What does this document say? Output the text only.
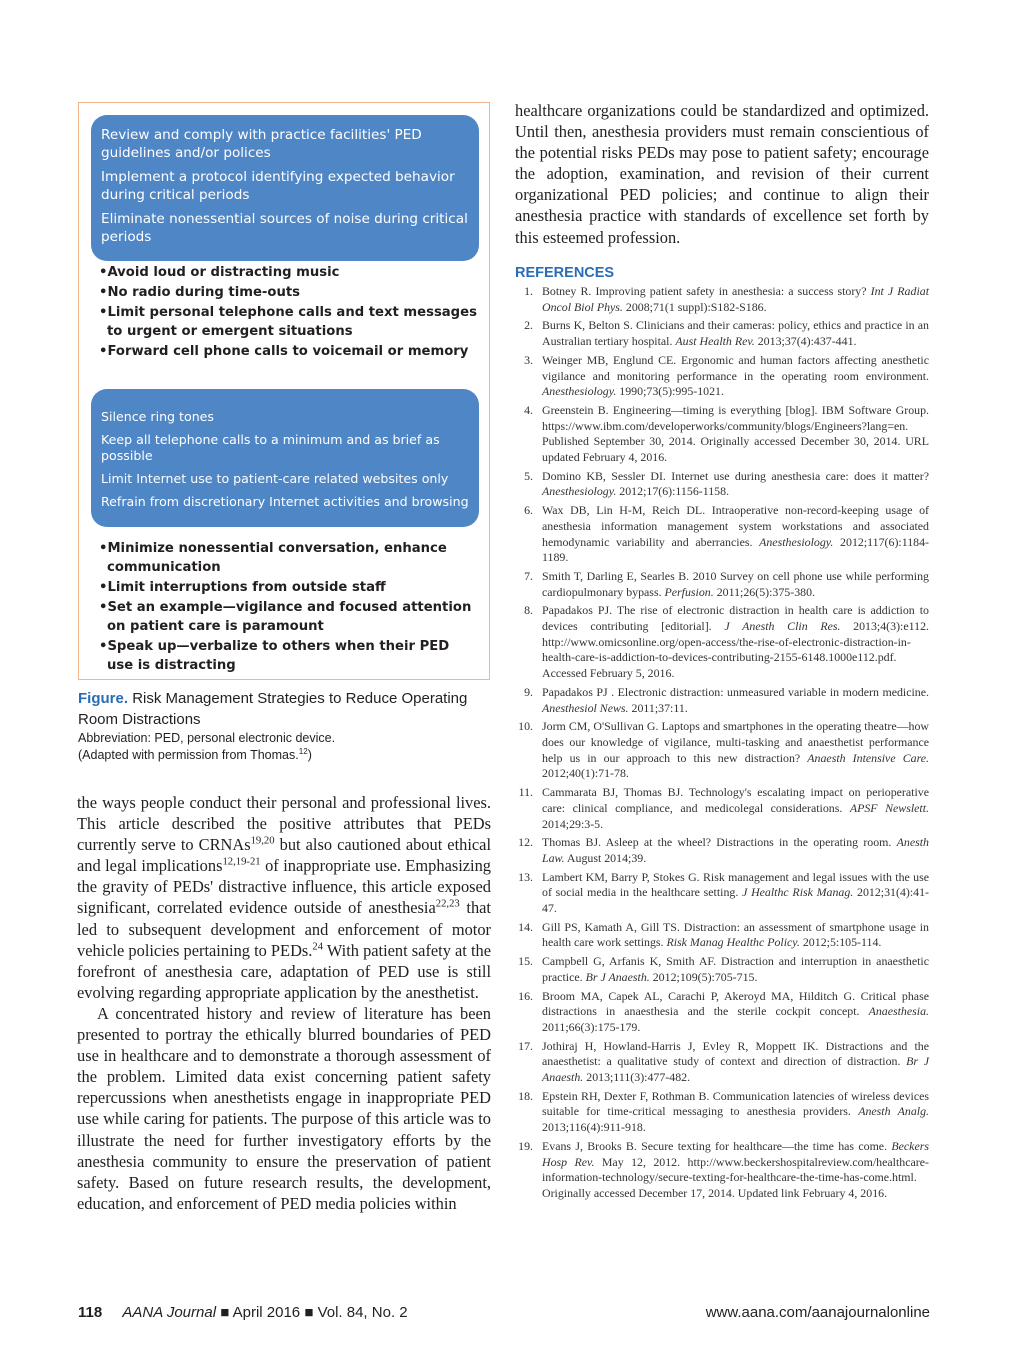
Review and comply with practice facilities' PED guidelines and/or polices
Implement a protocol identifying expected behavior during critical periods
Eliminate nonessential sources of noise during critical periods
•Avoid loud or distracting music
•No radio during time-outs
•Limit personal telephone calls and text messages to urgent or emergent situations
•Forward cell phone calls to voicemail or memory
Silence ring tones
Keep all telephone calls to a minimum and as brief as possible
Limit Internet use to patient-care related websites only
Refrain from discretionary Internet activities and browsing
•Minimize nonessential conversation, enhance communication
•Limit interruptions from outside staff
•Set an example—vigilance and focused attention on patient care is paramount
•Speak up—verbalize to others when their PED use is distracting
Figure. Risk Management Strategies to Reduce Operating Room Distractions
Abbreviation: PED, personal electronic device.
(Adapted with permission from Thomas.$^{12}$)

the ways people conduct their personal and professional lives. This article described the positive attributes that PEDs currently serve to CRNAs$^{19,20}$ but also cautioned about ethical and legal implications$^{12,19-21}$ of inappropriate use. Emphasizing the gravity of PEDs' distractive influence, this article exposed significant, correlated evidence outside of anesthesia$^{22,23}$ that led to subsequent development and enforcement of motor vehicle policies pertaining to PEDs.$^{24}$ With patient safety at the forefront of anesthesia care, adaptation of PED use is still evolving regarding appropriate application by the anesthetist.

A concentrated history and review of literature has been presented to portray the ethically blurred boundaries of PED use in healthcare and to demonstrate a thorough assessment of the problem. Limited data exist concerning patient safety repercussions when anesthetists engage in inappropriate PED use while caring for patients. The purpose of this article was to illustrate the need for further investigatory efforts by the anesthesia community to ensure the preservation of patient safety. Based on future research results, the development, education, and enforcement of PED media policies within

healthcare organizations could be standardized and optimized. Until then, anesthesia providers must remain conscientious of the potential risks PEDs may pose to patient safety; encourage the adoption, examination, and revision of their current organizational PED policies; and continue to align their anesthesia practice with standards of excellence set forth by this esteemed profession.

REFERENCES
1. Botney R. Improving patient safety in anesthesia: a success story? Int J Radiat Oncol Biol Phys. 2008;71(1 suppl):S182-S186.
2. Burns K, Belton S. Clinicians and their cameras: policy, ethics and practice in an Australian tertiary hospital. Aust Health Rev. 2013;37(4):437-441.
3. Weinger MB, Englund CE. Ergonomic and human factors affecting anesthetic vigilance and monitoring performance in the operating room environment. Anesthesiology. 1990;73(5):995-1021.
4. Greenstein B. Engineering—timing is everything [blog]. IBM Software Group. https://www.ibm.com/developerworks/community/blogs/Engineers?lang=en. Published September 30, 2014. Originally accessed December 30, 2014. URL updated February 4, 2016.
5. Domino KB, Sessler DI. Internet use during anesthesia care: does it matter? Anesthesiology. 2012;17(6):1156-1158.
6. Wax DB, Lin H-M, Reich DL. Intraoperative non-record-keeping usage of anesthesia information management system workstations and associated hemodynamic variability and aberrancies. Anesthesiology. 2012;117(6):1184-1189.
7. Smith T, Darling E, Searles B. 2010 Survey on cell phone use while performing cardiopulmonary bypass. Perfusion. 2011;26(5):375-380.
8. Papadakos PJ. The rise of electronic distraction in health care is addiction to devices contributing [editorial]. J Anesth Clin Res. 2013;4(3):e112. http://www.omicsonline.org/open-access/the-rise-of-electronic-distraction-in-health-care-is-addiction-to-devices-contributing-2155-6148.1000e112.pdf. Accessed February 5, 2016.
9. Papadakos PJ . Electronic distraction: unmeasured variable in modern medicine. Anesthesiol News. 2011;37:11.
10. Jorm CM, O'Sullivan G. Laptops and smartphones in the operating theatre—how does our knowledge of vigilance, multi-tasking and anaesthetist performance help us in our approach to this new distraction? Anaesth Intensive Care. 2012;40(1):71-78.
11. Cammarata BJ, Thomas BJ. Technology's escalating impact on perioperative care: clinical compliance, and medicolegal considerations. APSF Newslett. 2014;29:3-5.
12. Thomas BJ. Asleep at the wheel? Distractions in the operating room. Anesth Law. August 2014;39.
13. Lambert KM, Barry P, Stokes G. Risk management and legal issues with the use of social media in the healthcare setting. J Healthc Risk Manag. 2012;31(4):41-47.
14. Gill PS, Kamath A, Gill TS. Distraction: an assessment of smartphone usage in health care work settings. Risk Manag Healthc Policy. 2012;5:105-114.
15. Campbell G, Arfanis K, Smith AF. Distraction and interruption in anaesthetic practice. Br J Anaesth. 2012;109(5):705-715.
16. Broom MA, Capek AL, Carachi P, Akeroyd MA, Hilditch G. Critical phase distractions in anaesthesia and the sterile cockpit concept. Anaesthesia. 2011;66(3):175-179.
17. Jothiraj H, Howland-Harris J, Evley R, Moppett IK. Distractions and the anaesthetist: a qualitative study of context and direction of distraction. Br J Anaesth. 2013;111(3):477-482.
18. Epstein RH, Dexter F, Rothman B. Communication latencies of wireless devices suitable for time-critical messaging to anesthesia providers. Anesth Analg. 2013;116(4):911-918.
19. Evans J, Brooks B. Secure texting for healthcare—the time has come. Beckers Hosp Rev. May 12, 2012. http://www.beckershospitalreview.com/healthcare-information-technology/secure-texting-for-healthcare-the-time-has-come.html. Originally accessed December 17, 2014. Updated link February 4, 2016.
118 AANA Journal ■ April 2016 ■ Vol. 84, No. 2	www.aana.com/aanajournalonline
